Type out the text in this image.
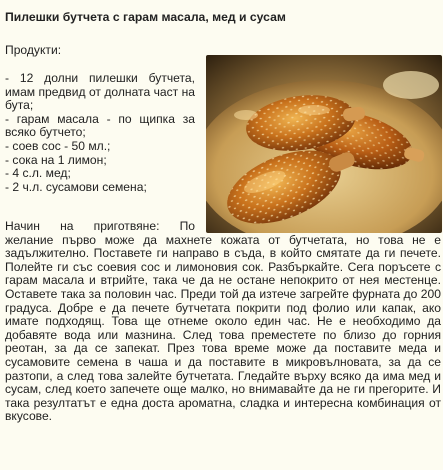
Пилешки бутчета с гарам масала, мед и сусам
Продукти:
- 12 долни пилешки бутчета, имам предвид от долната част на бута;
- гарам масала - по щипка за всяко бутчето;
- соев сос - 50 мл.;
- сока на 1 лимон;
- 4 с.л. мед;
- 2 ч.л. сусамови семена;

Начин на приготвяне: По желание първо може да махнете кожата от бутчетата, но това не е задължително. Поставете ги направо в съда, в който смятате да ги печете. Полейте ги със соевия сос и лимоновия сок. Разбъркайте. Сега поръсете с гарам масала и втрийте, така че да не остане непокрито от нея местенце. Оставете така за половин час. Преди той да изтече загрейте фурната до 200 градуса. Добре е да печете бутчетата покрити под фолио или капак, ако имате подходящ. Това ще отнеме около един час. Не е необходимо да добавяте вода или мазнина. След това преместете по близо до горния реотан, за да се запекат. През това време може да поставите меда и сусамовите семена в чаша и да поставите в микровълновата, за да се разтопи, а след това залейте бутчетата. Гледайте върху всяко да има мед и сусам, след което запечете още малко, но внимавайте да не ги прегорите. И така резултатът е една доста ароматна, сладка и интересна комбинация от вкусове.
